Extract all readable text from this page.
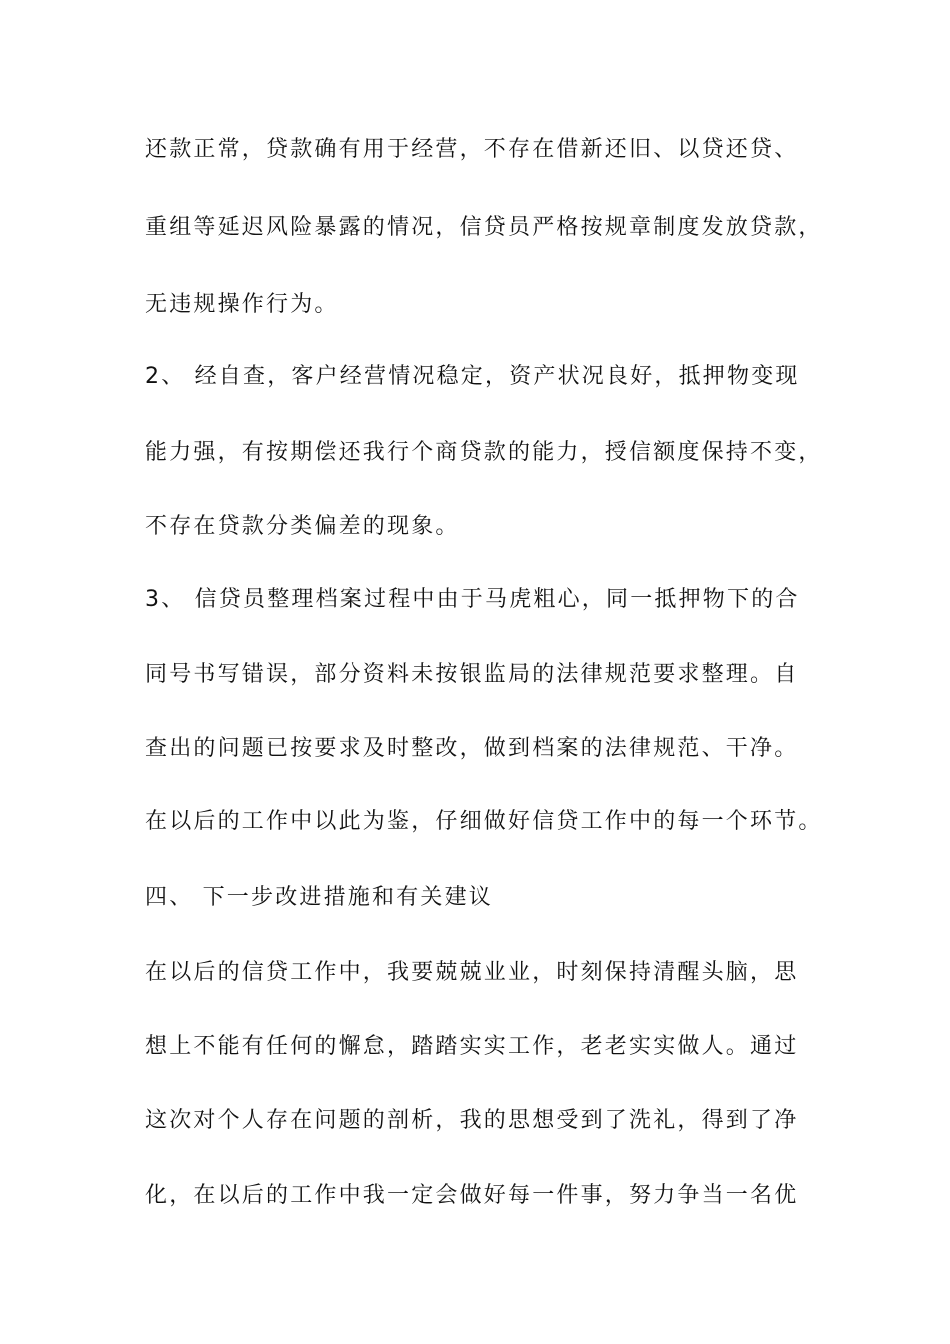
还款正常，贷款确有用于经营，不存在借新还旧、以贷还贷、
重组等延迟风险暴露的情况，信贷员严格按规章制度发放贷款，
无违规操作行为。
2、 经自查，客户经营情况稳定，资产状况良好，抵押物变现
能力强，有按期偿还我行个商贷款的能力，授信额度保持不变，
不存在贷款分类偏差的现象。
3、 信贷员整理档案过程中由于马虎粗心，同一抵押物下的合
同号书写错误，部分资料未按银监局的法律规范要求整理。自
查出的问题已按要求及时整改，做到档案的法律规范、干净。
在以后的工作中以此为鉴，仔细做好信贷工作中的每一个环节。
四、 下一步改进措施和有关建议
在以后的信贷工作中，我要兢兢业业，时刻保持清醒头脑，思
想上不能有任何的懈怠，踏踏实实工作，老老实实做人。通过
这次对个人存在问题的剖析，我的思想受到了洗礼，得到了净
化，在以后的工作中我一定会做好每一件事，努力争当一名优
